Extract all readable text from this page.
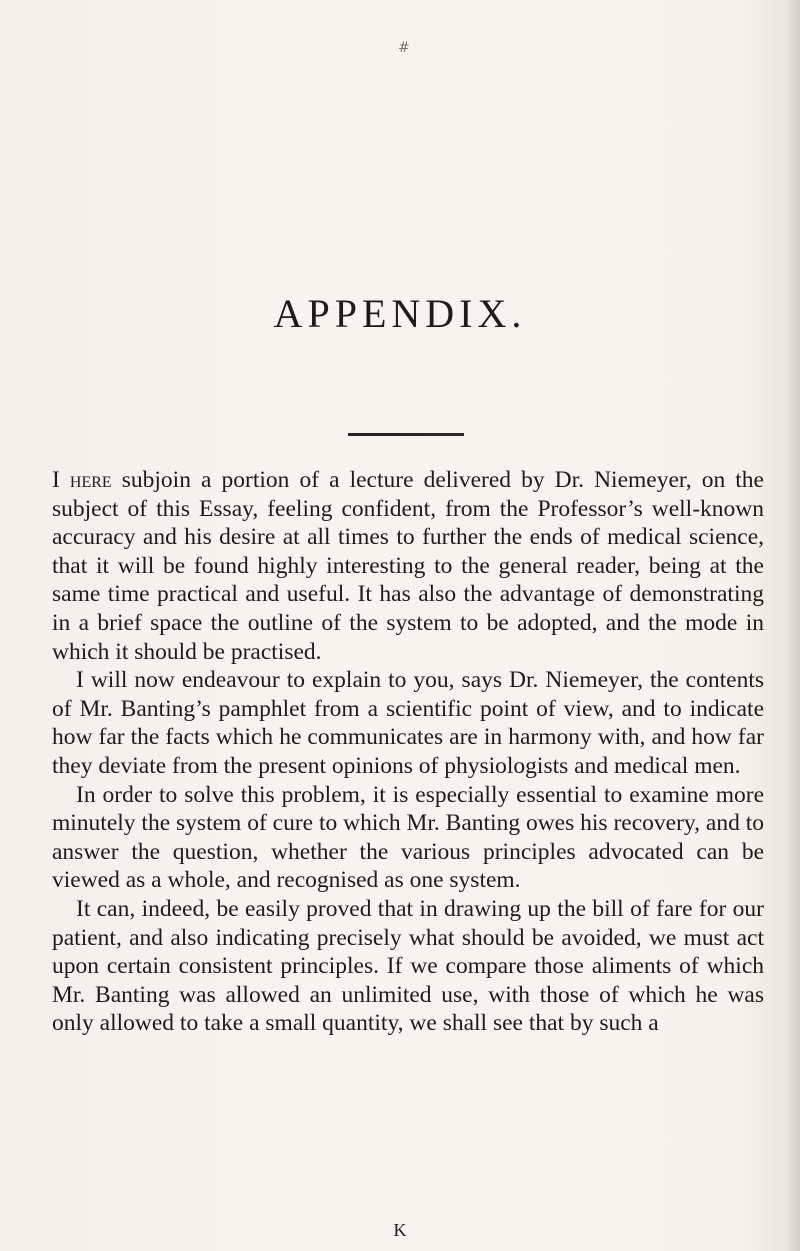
#
APPENDIX.

I here subjoin a portion of a lecture delivered by Dr. Niemeyer, on the subject of this Essay, feeling confident, from the Professor’s well-known accuracy and his desire at all times to further the ends of medical science, that it will be found highly interesting to the general reader, being at the same time practical and useful. It has also the advantage of demonstrating in a brief space the outline of the system to be adopted, and the mode in which it should be practised.

I will now endeavour to explain to you, says Dr. Niemeyer, the contents of Mr. Banting’s pamphlet from a scientific point of view, and to indicate how far the facts which he communicates are in harmony with, and how far they deviate from the present opinions of physiologists and medical men.

In order to solve this problem, it is especially essential to examine more minutely the system of cure to which Mr. Banting owes his recovery, and to answer the question, whether the various principles advocated can be viewed as a whole, and recognised as one system.

It can, indeed, be easily proved that in drawing up the bill of fare for our patient, and also indicating precisely what should be avoided, we must act upon certain consistent principles. If we compare those aliments of which Mr. Banting was allowed an unlimited use, with those of which he was only allowed to take a small quantity, we shall see that by such a

K
